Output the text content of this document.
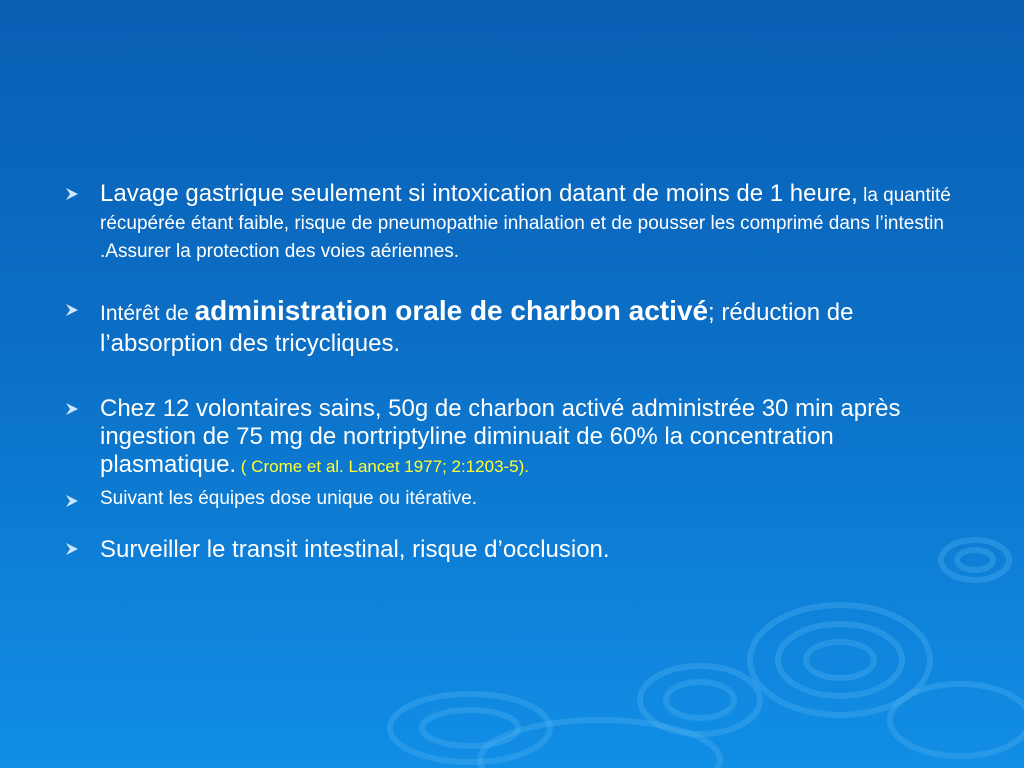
Lavage gastrique seulement si intoxication datant de moins de 1 heure, la quantité récupérée étant faible, risque de pneumopathie inhalation et de pousser les comprimé dans l’intestin .Assurer la protection des voies aériennes.
Intérêt de administration orale de charbon activé; réduction de l’absorption des tricycliques.
Chez 12 volontaires sains, 50g de charbon activé administrée 30 min après ingestion de 75 mg de nortriptyline diminuait de 60% la concentration plasmatique. ( Crome et al. Lancet 1977; 2:1203-5).
Suivant les équipes dose unique ou itérative.
Surveiller le transit intestinal, risque d’occlusion.
